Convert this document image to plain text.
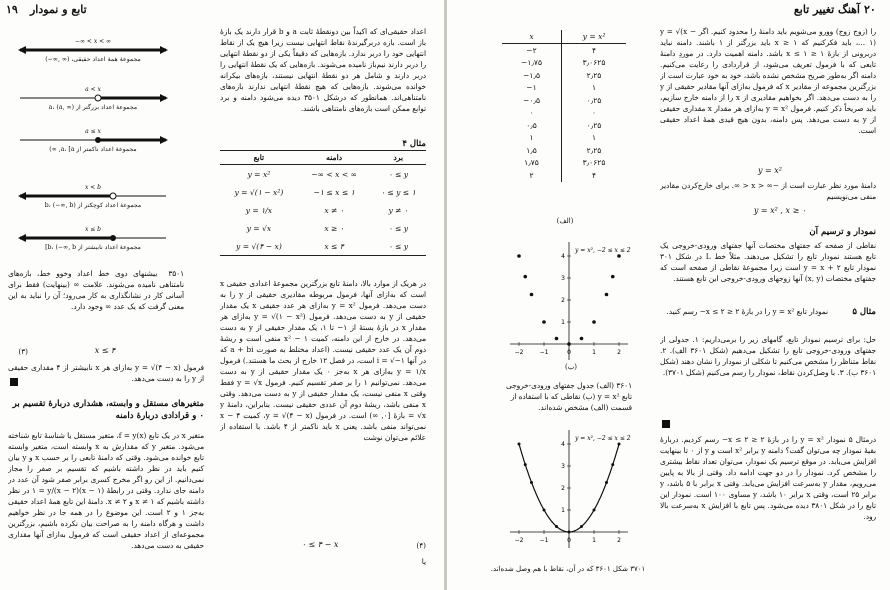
۱۹ تابع و نمودار
−∞ < x < ∞
مجموعهٔ همهٔ اعداد حقیقی، (∞ ,∞−)
a < x
مجموعهٔ اعداد بزرگتر از a، (a, ∞)
a ≤ x
مجموعهٔ اعداد ناکمتر از a، [a, ∞)
x < b
مجموعهٔ اعداد کوچکتر از b، (−∞, b)
x ≤ b
مجموعهٔ اعداد نابیشتر از b، (−∞, b]
۳۵۰۱ ‌ بیشنهای دوی خط اعداد وخوو خط، بازه‌های نامتناهی نامیده می‌شوند. علامت ∞ (بینهایت) فقط برای آسانی کار در نشانگذاری به کار می‌رود؛ آن را نباید به این معنی گرفت که یک عدد ∞ وجود دارد.
x ≤ ۴
(۳)
فرمول y = √(۴ − x) به‌ازای هر x نابیشتر از ۴ مقداری حقیقی از y را به دست می‌دهد.
متغیرهای مستقل و وابسته، هشداری دربارهٔ تقسیم بر ۰ و قرادادی دربارهٔ دامنه
متغیر x در یک تابع (x)f = y، متغیر مستقل یا شناسهٔ تابع شناخته می‌شود. متغیر y که مقدارش به x وابسته است، متغیر وابسته تابع خوانده می‌شود. وقتی که دامنهٔ تابعی را بر حسب x و y بیان کنیم باید در نظر داشته باشیم که تقسیم بر صفر را مجاز نمی‌دانیم. از این رو اگر مخرج کسری برابر صفر شود آن عدد در دامنه جای ندارد. وقتی در رابطهٔ (x − ۱)(x − ۲)/۱ = y در نظر داشته باشیم که x ≠ ۱ و x ≠ ۲. دامنهٔ این تابع همهٔ اعداد حقیقی به‌جز ۱ و ۲ است. این موضوع را در همه جا در نظر خواهیم داشت و هرگاه دامنه را به صراحت بیان نکرده باشیم، بزرگترین مجموعه‌ای از اعداد حقیقی است که فرمول به‌ازای آنها مقداری حقیقی به دست می‌دهد.
اعداد حقیقی‌ای که اکیداً بین دونقطهٔ ثابت a و b قرار دارند یک بازهٔ باز است. بازه دربرگیرندهٔ نقاط انتهایی نیست زیرا هیچ یک از نقاط انتهایی خود را دربر ندارد. بازه‌هایی که دقیقاً یکی از دو نقطهٔ انتهایی را دربر دارند نیم‌باز نامیده می‌شوند. بازه‌هایی که یک نقطهٔ انتهایی را دربر دارند و شامل هر دو نقطهٔ انتهایی نیستند، بازه‌های بیکرانه خوانده می‌شوند. بازه‌هایی که هیچ نقطهٔ انتهایی ندارند بازه‌های نامتناهی‌اند. همانطور که درشکل ۳۵۰۱ دیده می‌شود دامنه و برد توابع ممکن است بازه‌های نامتناهی باشند.
مثال ۴
تابع	دامنه	برد
y = x²	−∞ < x < ∞	۰ ≤ y
y = √(۱ − x²)	−۱ ≤ x ≤ ۱	۰ ≤ y ≤ ۱
y = ۱/x	x ≠ ۰	y ≠ ۰
y = √x	x ≥ ۰	۰ ≤ y
y = √(۴ − x)	x ≤ ۴	۰ ≤ y
در هریک از موارد بالا، دامنهٔ تابع بزرگترین مجموعهٔ اعدادی حقیقی x است که به‌ازای آنها، فرمول مربوطه مقادیری حقیقی از y را به دست می‌دهد. فرمول y = x² به‌ازای هر عدد حقیقی x یک مقدار حقیقی از y به دست می‌دهد. فرمول y = √(۱ − x²) به‌ازای هر مقدار x در بازهٔ بستهٔ از ۱− تا ۱، یک مقدار حقیقی از y به دست می‌دهد. در خارج از این دامنه، کمیت ۱ − x² منفی است و ریشهٔ دوم آن یک عدد حقیقی نیست. (اعداد مختلط به صورت a + bi که در آنها i = √−۱ است، در فصل ۱۲ خارج از بحث ما هستند.) فرمول y = ۱/x به‌ازای هر x به‌جز ۰ یک مقدار حقیقی از y به دست می‌دهد. نمی‌توانیم ۱ را بر صفر تقسیم کنیم. فرمول y = √x فقط وقتی x منفی نیست، یک مقدار حقیقی از y به دست می‌دهد. وقتی x منفی باشد، ریشهٔ دوم آن عددی حقیقی نیست. بنابراین، دامنهٔ y = √x بازهٔ [۰, ∞) است. در فرمول y = √(۴ − x)، کمیت ۴ − x نمی‌تواند منفی باشد. یعنی x باید ناکمتر از ۴ باشد. با استفاده از علائم می‌توان نوشت
۰ ≤ ۴ − x	(۴)
یا
۲۰
آهنگ تغییر تابع
x	y = x²
−۲	۴
−۱٫۷۵	۳٫۰۶۲۵
−۱٫۵	۲٫۲۵
−۱	۱
−۰٫۵	۰٫۲۵
۰	۰
۰٫۵	۰٫۲۵
۱	۱
۱٫۵	۲٫۲۵
۱٫۷۵	۳٫۰۶۲۵
۲	۴
(الف)
−2	−1	0	1	2
1
2
3
4
y = x², −2 ≤ x ≤ 2
(ب)
۳۶۰۱ (الف) جدول جفتهای ورودی-خروجی تابع y = x² (ب) نقاطی که با استفاده از قسمت (الف) مشخص شده‌اند.
−2	−1	0	1	2
1
2
3
4
y = x², −2 ≤ x ≤ 2
۳۷۰۱ شکل ۳۶۰۱ که در آن، نقاط با هم وصل شده‌اند.
را (زوج زوج) وورو می‌شویم باید دامنهٔ را محدود کنیم. اگر y = √(x − ۱) ...، باید فکرکنیم که x ≥ ۱ باید بزرگتر از ۱ باشند. دامنه نباید دربرونی از بازهٔ ۱ ≤ x ≤ ۱ باشد. دامنه اهمیت دارد. در موردِ دامنهٔ تابعی که با فرمول تعریف می‌شود، از قراردادی را رعایت می‌کنیم. دامنه اگر به‌طور صریح مشخص نشده باشد، خود به خود عبارت است از بزرگترین مجموعه از مقادیر x که فرمول به‌ازای آنها مقادیر حقیقی از y را به دست می‌دهد. اگر بخواهیم مقادیری از x را از دامنه خارج سازیم، باید صریحاً ذکر کنیم. فرمول y = x² به‌ازای هر مقدار x مقداری حقیقی از y به دست می‌دهد. پس دامنه، بدون هیچ قیدی همهٔ اعداد حقیقی است.
y = x²
دامنهٔ مورد نظر عبارت است از −∞ < x < ∞. برای خارج‌کردن مقادیر منفی می‌نویسیم
y = x² , x ≥ ۰
نمودار و ترسیم آن
نقاطی از صفحه که جفتهای مختصات آنها جفتهای ورودی-خروجی یک تابع هستند نمودار تابع را تشکیل می‌دهند. مثلاً خط L در شکل ۳۰۱ نمودار تابع y = x + ۲ است زیرا مجموعهٔ نقاطی از صفحه است که جفتهای مختصات (x, y) آنها زوجهای ورودی-خروجی این تابع هستند.
مثال ۵
نمودار تابع y = x² را در بازهٔ ۲ ≤ x ≤ ۲− رسم کنید.
حل: برای ترسیم نمودار تابع، گامهای زیر را برمی‌داریم: ۱. جدولی از جفتهای ورودی-خروجی تابع را تشکیل می‌دهیم (شکل ۳۶۰۱ الف). ۲. نقاط متناظر را مشخص می‌کنیم تا شکلی از نمودار را نشان دهند (شکل ۳۶۰۱ ب). ۳. با وصل‌کردن نقاط، نمودار را رسم می‌کنیم (شکل ۳۷۰۱).
درمثال ۵ نمودار y = x² را در بازهٔ ۲ ≤ x ≤ ۲− رسم کردیم. دربارهٔ بقیهٔ نمودار چه می‌توان گفت؟ دامنه y برابر x² است و y از ۰ تا بینهایت افزایش می‌یابد. در موقع ترسیم یک نمودار، می‌توان تعداد نقاط بیشتری را مشخص کرد. نمودار را در دو جهت ادامه داد. وقتی از بالا به پایین می‌رویم، مقدار y به‌سرعت افزایش می‌یابد. وقتی x برابر با ۵ باشد، y برابر ۲۵ است، وقتی x برابر ۱۰ باشد، y مساوی ۱۰۰ است. نمودار این تابع را در شکل ۳۸۰۱ دیده می‌شود. پس تابع با افزایش x به‌سرعت بالا رود.
